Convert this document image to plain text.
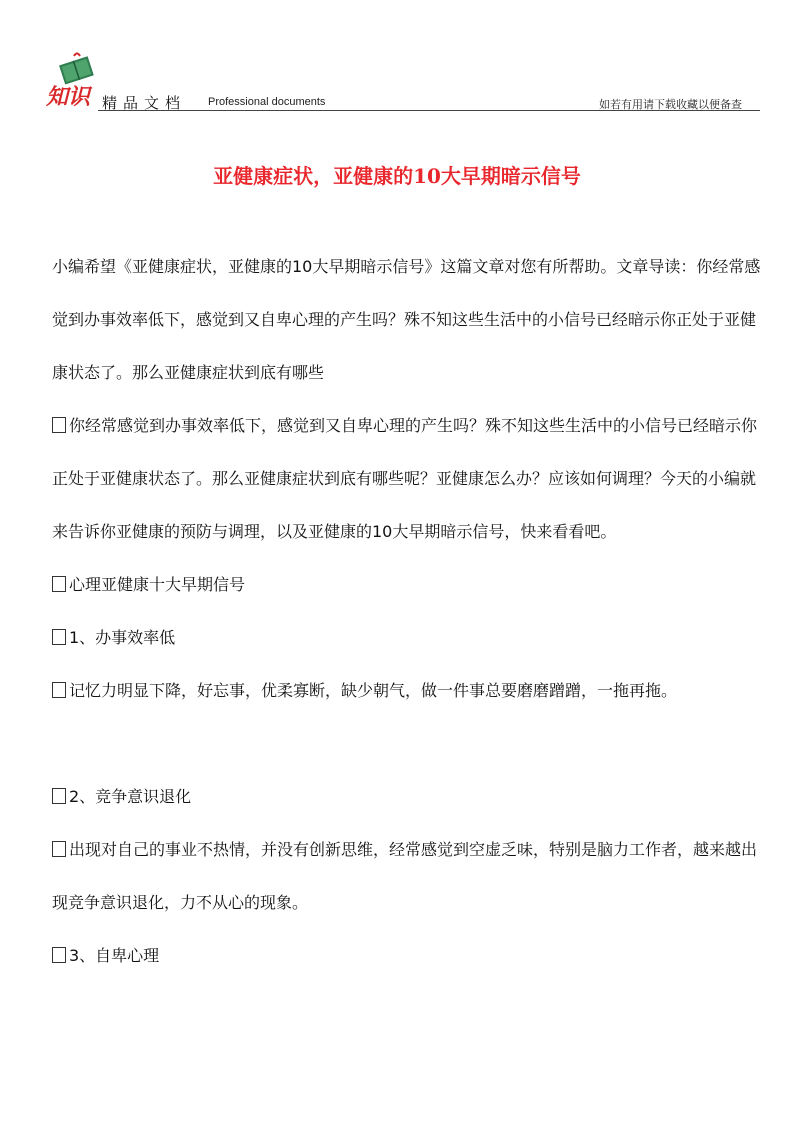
知识 精品文档 Professional documents	如若有用请下载收藏以便备查
亚健康症状，亚健康的10大早期暗示信号

小编希望《亚健康症状，亚健康的10大早期暗示信号》这篇文章对您有所帮助。文章导读：你经常感觉到办事效率低下，感觉到又自卑心理的产生吗？殊不知这些生活中的小信号已经暗示你正处于亚健康状态了。那么亚健康症状到底有哪些

你经常感觉到办事效率低下，感觉到又自卑心理的产生吗？殊不知这些生活中的小信号已经暗示你正处于亚健康状态了。那么亚健康症状到底有哪些呢？亚健康怎么办？应该如何调理？今天的小编就来告诉你亚健康的预防与调理，以及亚健康的10大早期暗示信号，快来看看吧。

心理亚健康十大早期信号

1、办事效率低

记忆力明显下降，好忘事，优柔寡断，缺少朝气，做一件事总要磨磨蹭蹭，一拖再拖。

2、竞争意识退化

出现对自己的事业不热情，并没有创新思维，经常感觉到空虚乏味，特别是脑力工作者，越来越出现竞争意识退化，力不从心的现象。

3、自卑心理
